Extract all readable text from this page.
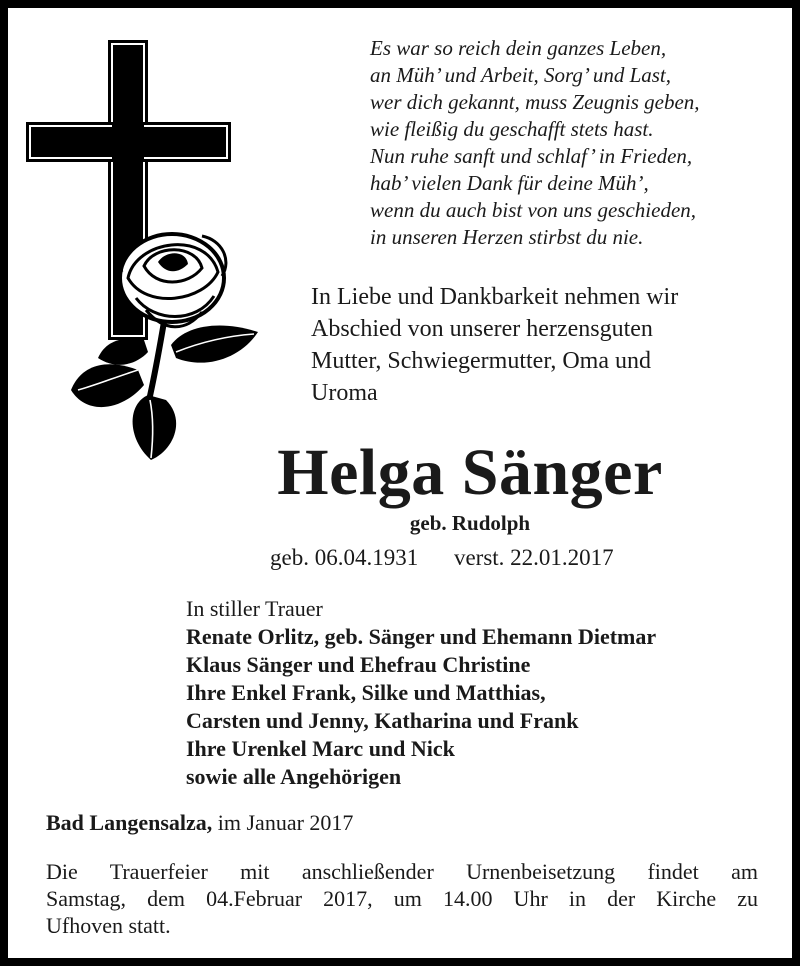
Es war so reich dein ganzes Leben,
an Müh’ und Arbeit, Sorg’ und Last,
wer dich gekannt, muss Zeugnis geben,
wie fleißig du geschafft stets hast.
Nun ruhe sanft und schlaf’ in Frieden,
hab’ vielen Dank für deine Müh’,
wenn du auch bist von uns geschieden,
in unseren Herzen stirbst du nie.
In Liebe und Dankbarkeit nehmen wir
Abschied von unserer herzensguten
Mutter, Schwiegermutter, Oma und
Uroma
Helga Sänger
geb. Rudolph
geb. 06.04.1931 verst. 22.01.2017
In stiller Trauer
Renate Orlitz, geb. Sänger und Ehemann Dietmar
Klaus Sänger und Ehefrau Christine
Ihre Enkel Frank, Silke und Matthias,
Carsten und Jenny, Katharina und Frank
Ihre Urenkel Marc und Nick
sowie alle Angehörigen
Bad Langensalza, im Januar 2017
Die Trauerfeier mit anschließender Urnenbeisetzung findet am
Samstag, dem 04.Februar 2017, um 14.00 Uhr in der Kirche zu
Ufhoven statt.
